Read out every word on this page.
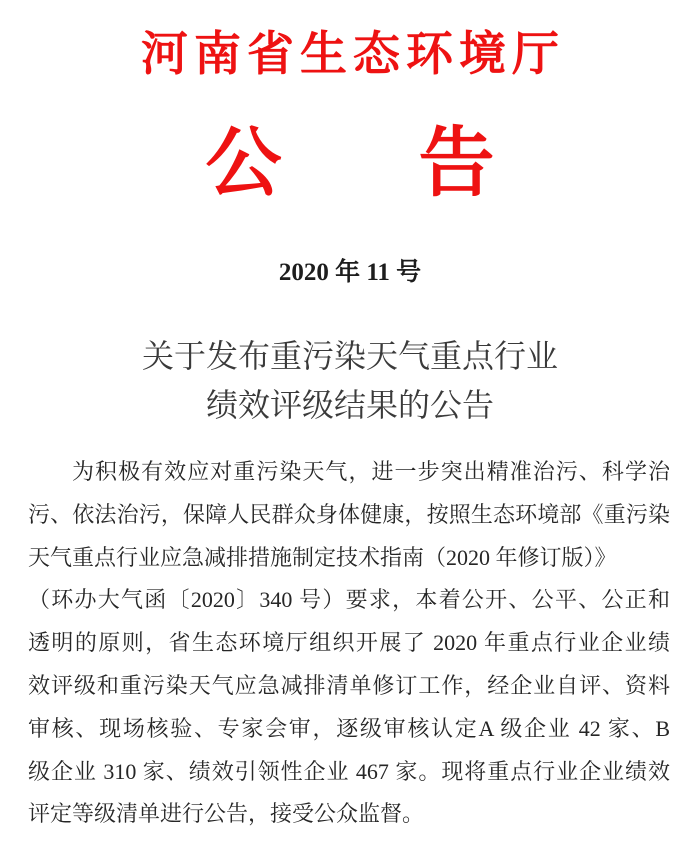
河南省生态环境厅
公告
2020 年 11 号
关于发布重污染天气重点行业
绩效评级结果的公告
为积极有效应对重污染天气，进一步突出精准治污、科学治
污、依法治污，保障人民群众身体健康，按照生态环境部《重污染
天气重点行业应急减排措施制定技术指南（2020 年修订版）》
（环办大气函〔2020〕340 号）要求，本着公开、公平、公正和
透明的原则，省生态环境厅组织开展了 2020 年重点行业企业绩
效评级和重污染天气应急减排清单修订工作，经企业自评、资料
审核、现场核验、专家会审，逐级审核认定A 级企业 42 家、B
级企业 310 家、绩效引领性企业 467 家。现将重点行业企业绩效
评定等级清单进行公告，接受公众监督。
